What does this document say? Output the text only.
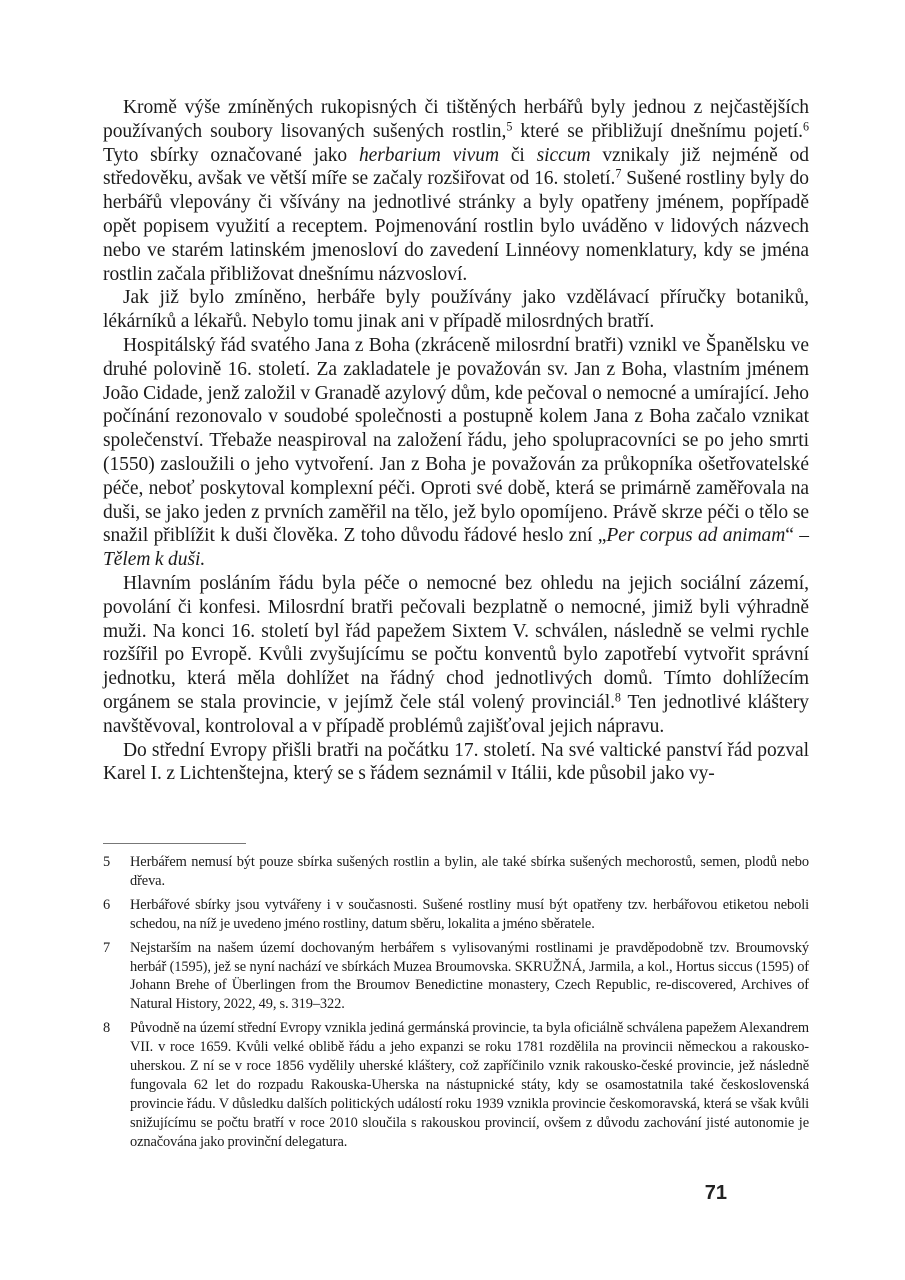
Kromě výše zmíněných rukopisných či tištěných herbářů byly jednou z nejčastějších používaných soubory lisovaných sušených rostlin,$^5$ které se přibližují dnešnímu pojetí.$^6$ Tyto sbírky označované jako herbarium vivum či siccum vznikaly již nejméně od středověku, avšak ve větší míře se začaly rozšiřovat od 16. století.$^7$ Sušené rostliny byly do herbářů vlepovány či všívány na jednotlivé stránky a byly opatřeny jménem, popřípadě opět popisem využití a receptem. Pojmenování rostlin bylo uváděno v lidových názvech nebo ve starém latinském jmenosloví do zavedení Linnéovy nomenklatury, kdy se jména rostlin začala přibližovat dnešnímu názvosloví.

Jak již bylo zmíněno, herbáře byly používány jako vzdělávací příručky botaniků, lékárníků a lékařů. Nebylo tomu jinak ani v případě milosrdných bratří.

Hospitálský řád svatého Jana z Boha (zkráceně milosrdní bratři) vznikl ve Španělsku ve druhé polovině 16. století. Za zakladatele je považován sv. Jan z Boha, vlastním jménem João Cidade, jenž založil v Granadě azylový dům, kde pečoval o nemocné a umírající. Jeho počínání rezonovalo v soudobé společnosti a postupně kolem Jana z Boha začalo vznikat společenství. Třebaže neaspiroval na založení řádu, jeho spolupracovníci se po jeho smrti (1550) zasloužili o jeho vytvoření. Jan z Boha je považován za průkopníka ošetřovatelské péče, neboť poskytoval komplexní péči. Oproti své době, která se primárně zaměřovala na duši, se jako jeden z prvních zaměřil na tělo, jež bylo opomíjeno. Právě skrze péči o tělo se snažil přiblížit k duši člověka. Z toho důvodu řádové heslo zní „Per corpus ad animam“ – Tělem k duši.

Hlavním posláním řádu byla péče o nemocné bez ohledu na jejich sociální zázemí, povolání či konfesi. Milosrdní bratři pečovali bezplatně o nemocné, jimiž byli výhradně muži. Na konci 16. století byl řád papežem Sixtem V. schválen, následně se velmi rychle rozšířil po Evropě. Kvůli zvyšujícímu se počtu konventů bylo zapotřebí vytvořit správní jednotku, která měla dohlížet na řádný chod jednotlivých domů. Tímto dohlížecím orgánem se stala provincie, v jejímž čele stál volený provinciál.$^8$ Ten jednotlivé kláštery navštěvoval, kontroloval a v případě problémů zajišťoval jejich nápravu.

Do střední Evropy přišli bratři na počátku 17. století. Na své valtické panství řád pozval Karel I. z Lichtenštejna, který se s řádem seznámil v Itálii, kde působil jako vy-

5	Herbářem nemusí být pouze sbírka sušených rostlin a bylin, ale také sbírka sušených mechorostů, semen, plodů nebo dřeva.
6	Herbářové sbírky jsou vytvářeny i v současnosti. Sušené rostliny musí být opatřeny tzv. herbářovou etiketou neboli schedou, na níž je uvedeno jméno rostliny, datum sběru, lokalita a jméno sběratele.
7	Nejstarším na našem území dochovaným herbářem s vylisovanými rostlinami je pravděpodobně tzv. Broumovský herbář (1595), jež se nyní nachází ve sbírkách Muzea Broumovska. SKRUŽNÁ, Jarmila, a kol., Hortus siccus (1595) of Johann Brehe of Überlingen from the Broumov Benedictine monastery, Czech Republic, re-discovered, Archives of Natural History, 2022, 49, s. 319–322.
8	Původně na území střední Evropy vznikla jediná germánská provincie, ta byla oficiálně schválena papežem Alexandrem VII. v roce 1659. Kvůli velké oblibě řádu a jeho expanzi se roku 1781 rozdělila na provincii německou a rakousko-uherskou. Z ní se v roce 1856 vydělily uherské kláštery, což zapříčinilo vznik rakousko-české provincie, jež následně fungovala 62 let do rozpadu Rakouska-Uherska na nástupnické státy, kdy se osamostatnila také československá provincie řádu. V důsledku dalších politických událostí roku 1939 vznikla provincie českomoravská, která se však kvůli snižujícímu se počtu bratří v roce 2010 sloučila s rakouskou provincií, ovšem z důvodu zachování jisté autonomie je označována jako provinční delegatura.
71
